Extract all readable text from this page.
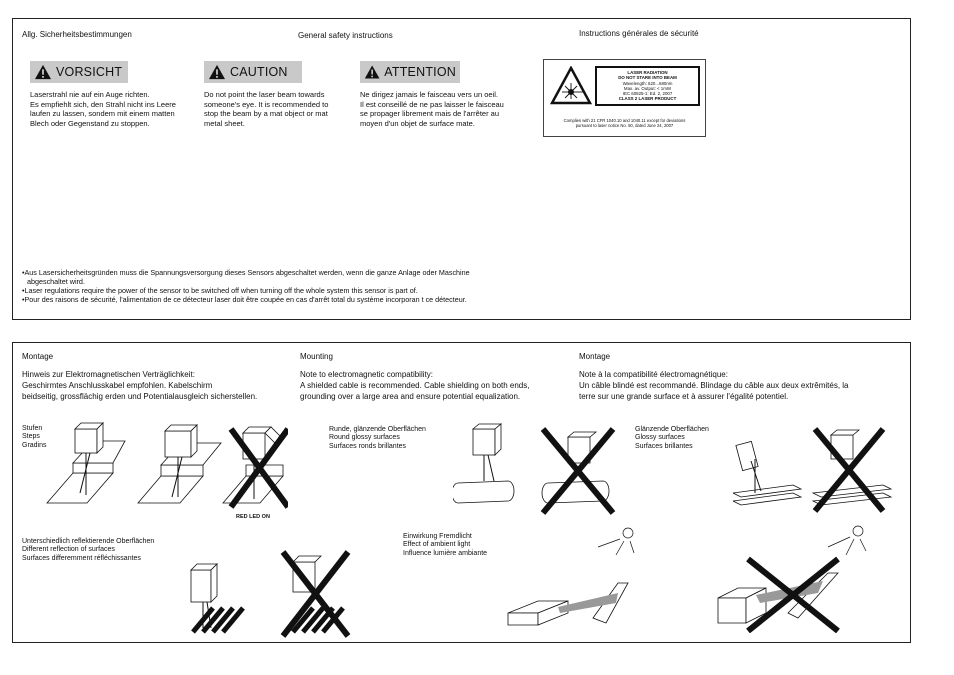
Allg. Sicherheitsbestimmungen	General safety instructions	Instructions générales de sécurité
VORSICHT	CAUTION	ATTENTION
Laserstrahl nie auf ein Auge richten.
Es empfiehlt sich, den Strahl nicht ins Leere
laufen zu lassen, sondem mit einem matten
Blech oder Gegenstand zu stoppen.
Do not point the laser beam towards
someone's eye. It is recommended to
stop the beam by a mat object or mat
metal sheet.
Ne dirigez jamais le faisceau vers un oeil.
Il est conseillé de ne pas laisser le faisceau
se propager librement mais de l'arrêter au
moyen d'un objet de surface mate.
LASER RADIATION
DO NOT STARE INTO BEAM
Wavelength: 620...680nm
Max. av. Output: < 1mW
IEC 60825-1: Ed. 2, 2007
CLASS 2 LASER PRODUCT
Complies with 21 CFR 1040.10 and 1040.11 except for deviations
pursuant to laser notice No. 50, dated June 24, 2007
•Aus Lasersicherheitsgründen muss die Spannungsversorgung dieses Sensors abgeschaltet werden, wenn die ganze Anlage oder Maschine
abgeschaltet wird.
•Laser regulations require the power of the sensor to be switched off when turning off the whole system this sensor is part of.
•Pour des raisons de sécurité, l'alimentation de ce détecteur laser doit être coupée en cas d'arrêt total du système incorporan t ce détecteur.
Montage	Mounting	Montage
Hinweis zur Elektromagnetischen Verträglichkeit:
Geschirmtes Anschlusskabel empfohlen. Kabelschirm
beidseitig, grossflächig erden und Potentialausgleich sicherstellen.
Note to electromagnetic compatibility:
A shielded cable is recommended. Cable shielding on both ends,
grounding over a large area and ensure potential equalization.
Note à la compatibilité électromagnétique:
Un câble blindé est recommandé. Blindage du câble aux deux extrêmités, la
terre sur une grande surface et à assurer l'égalité potentiel.
Stufen
Steps
Gradins
Runde, glänzende Oberflächen
Round glossy surfaces
Surfaces ronds brillantes
Glänzende Oberflächen
Glossy surfaces
Surfaces brillantes
Unterschiedlich reflektierende Oberflächen
Different reflection of surfaces
Surfaces differemment réfléchissantes
Einwirkung Fremdlicht
Effect of ambient light
Influence lumière ambiante
RED LED ON
